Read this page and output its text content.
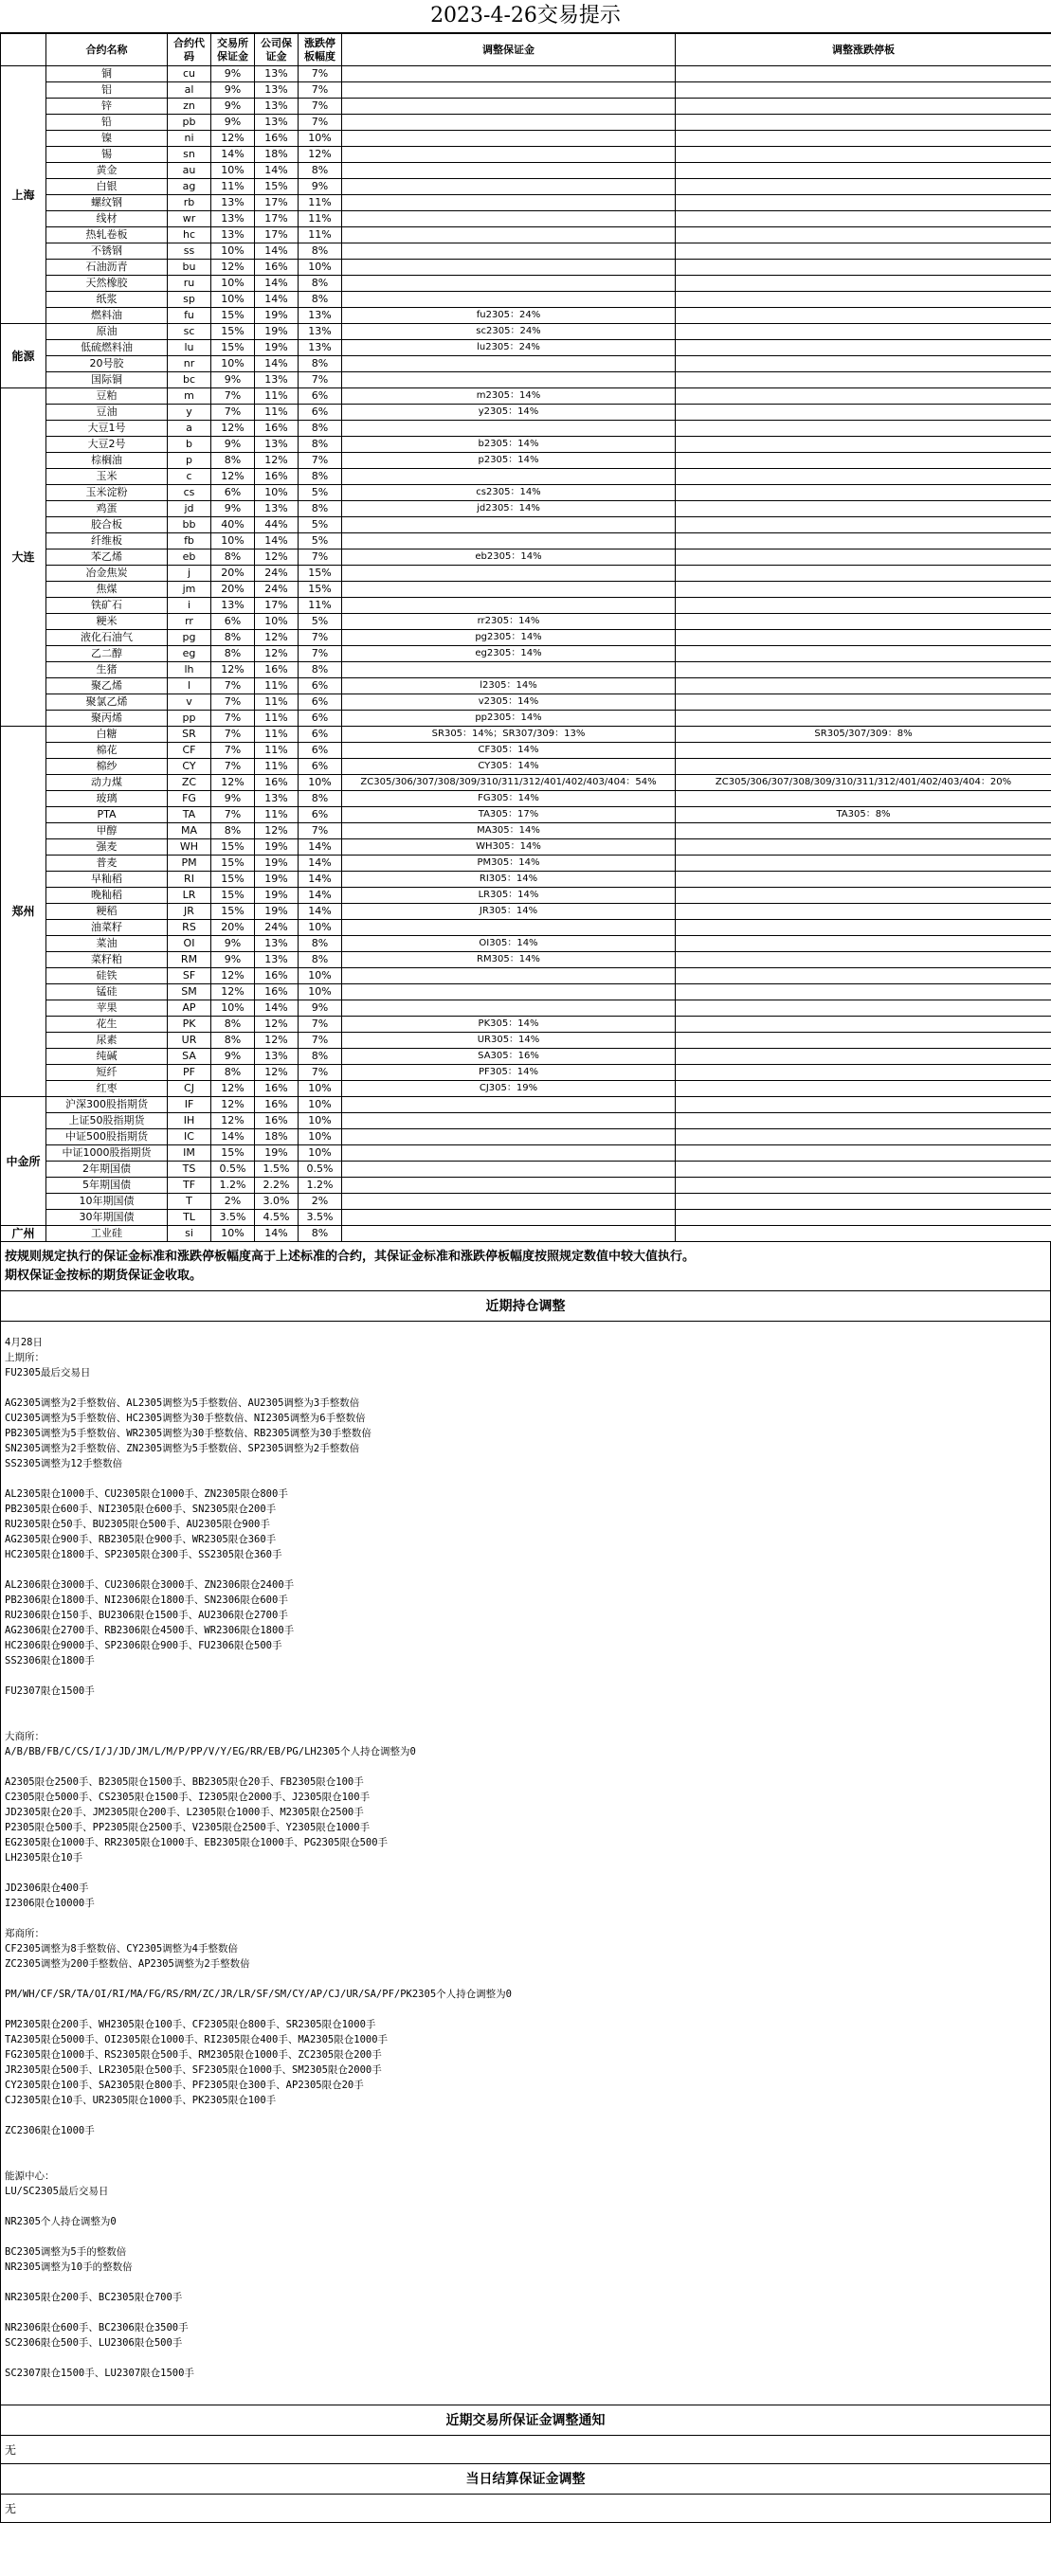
2023-4-26交易提示
	合约名称	合约代码	交易所保证金	公司保证金	涨跌停板幅度	调整保证金	调整涨跌停板
上海	铜	cu	9%	13%	7%		
	铝	al	9%	13%	7%		
	锌	zn	9%	13%	7%		
	铅	pb	9%	13%	7%		
	镍	ni	12%	16%	10%		
	锡	sn	14%	18%	12%		
	黄金	au	10%	14%	8%		
	白银	ag	11%	15%	9%		
	螺纹钢	rb	13%	17%	11%		
	线材	wr	13%	17%	11%		
	热轧卷板	hc	13%	17%	11%		
	不锈钢	ss	10%	14%	8%		
	石油沥青	bu	12%	16%	10%		
	天然橡胶	ru	10%	14%	8%		
	纸浆	sp	10%	14%	8%		
	燃料油	fu	15%	19%	13%	fu2305：24%	
能源	原油	sc	15%	19%	13%	sc2305：24%	
	低硫燃料油	lu	15%	19%	13%	lu2305：24%	
	20号胶	nr	10%	14%	8%		
	国际铜	bc	9%	13%	7%		
大连	豆粕	m	7%	11%	6%	m2305：14%	
	豆油	y	7%	11%	6%	y2305：14%	
	大豆1号	a	12%	16%	8%		
	大豆2号	b	9%	13%	8%	b2305：14%	
	棕榈油	p	8%	12%	7%	p2305：14%	
	玉米	c	12%	16%	8%		
	玉米淀粉	cs	6%	10%	5%	cs2305：14%	
	鸡蛋	jd	9%	13%	8%	jd2305：14%	
	胶合板	bb	40%	44%	5%		
	纤维板	fb	10%	14%	5%		
	苯乙烯	eb	8%	12%	7%	eb2305：14%	
	冶金焦炭	j	20%	24%	15%		
	焦煤	jm	20%	24%	15%		
	铁矿石	i	13%	17%	11%		
	粳米	rr	6%	10%	5%	rr2305：14%	
	液化石油气	pg	8%	12%	7%	pg2305：14%	
	乙二醇	eg	8%	12%	7%	eg2305：14%	
	生猪	lh	12%	16%	8%		
	聚乙烯	l	7%	11%	6%	l2305：14%	
	聚氯乙烯	v	7%	11%	6%	v2305：14%	
	聚丙烯	pp	7%	11%	6%	pp2305：14%	
郑州	白糖	SR	7%	11%	6%	SR305：14%；SR307/309：13%	SR305/307/309：8%
	棉花	CF	7%	11%	6%	CF305：14%	
	棉纱	CY	7%	11%	6%	CY305：14%	
	动力煤	ZC	12%	16%	10%	ZC305/306/307/308/309/310/311/312/401/402/403/404：54%	ZC305/306/307/308/309/310/311/312/401/402/403/404：20%
	玻璃	FG	9%	13%	8%	FG305：14%	
	PTA	TA	7%	11%	6%	TA305：17%	TA305：8%
	甲醇	MA	8%	12%	7%	MA305：14%	
	强麦	WH	15%	19%	14%	WH305：14%	
	普麦	PM	15%	19%	14%	PM305：14%	
	早籼稻	RI	15%	19%	14%	RI305：14%	
	晚籼稻	LR	15%	19%	14%	LR305：14%	
	粳稻	JR	15%	19%	14%	JR305：14%	
	油菜籽	RS	20%	24%	10%		
	菜油	OI	9%	13%	8%	OI305：14%	
	菜籽粕	RM	9%	13%	8%	RM305：14%	
	硅铁	SF	12%	16%	10%		
	锰硅	SM	12%	16%	10%		
	苹果	AP	10%	14%	9%		
	花生	PK	8%	12%	7%	PK305：14%	
	尿素	UR	8%	12%	7%	UR305：14%	
	纯碱	SA	9%	13%	8%	SA305：16%	
	短纤	PF	8%	12%	7%	PF305：14%	
	红枣	CJ	12%	16%	10%	CJ305：19%	
中金所	沪深300股指期货	IF	12%	16%	10%		
	上证50股指期货	IH	12%	16%	10%		
	中证500股指期货	IC	14%	18%	10%		
	中证1000股指期货	IM	15%	19%	10%		
	2年期国债	TS	0.5%	1.5%	0.5%		
	5年期国债	TF	1.2%	2.2%	1.2%		
	10年期国债	T	2%	3.0%	2%		
	30年期国债	TL	3.5%	4.5%	3.5%		
广州	工业硅	si	10%	14%	8%		
按规则规定执行的保证金标准和涨跌停板幅度高于上述标准的合约，其保证金标准和涨跌停板幅度按照规定数值中较大值执行。
期权保证金按标的期货保证金收取。
近期持仓调整
4月28日
上期所：
FU2305最后交易日

AG2305调整为2手整数倍、AL2305调整为5手整数倍、AU2305调整为3手整数倍
CU2305调整为5手整数倍、HC2305调整为30手整数倍、NI2305调整为6手整数倍
PB2305调整为5手整数倍、WR2305调整为30手整数倍、RB2305调整为30手整数倍
SN2305调整为2手整数倍、ZN2305调整为5手整数倍、SP2305调整为2手整数倍
SS2305调整为12手整数倍

AL2305限仓1000手、CU2305限仓1000手、ZN2305限仓800手
PB2305限仓600手、NI2305限仓600手、SN2305限仓200手
RU2305限仓50手、BU2305限仓500手、AU2305限仓900手
AG2305限仓900手、RB2305限仓900手、WR2305限仓360手
HC2305限仓1800手、SP2305限仓300手、SS2305限仓360手

AL2306限仓3000手、CU2306限仓3000手、ZN2306限仓2400手
PB2306限仓1800手、NI2306限仓1800手、SN2306限仓600手
RU2306限仓150手、BU2306限仓1500手、AU2306限仓2700手
AG2306限仓2700手、RB2306限仓4500手、WR2306限仓1800手
HC2306限仓9000手、SP2306限仓900手、FU2306限仓500手
SS2306限仓1800手

FU2307限仓1500手

大商所：
A/B/BB/FB/C/CS/I/J/JD/JM/L/M/P/PP/V/Y/EG/RR/EB/PG/LH2305个人持仓调整为0

A2305限仓2500手、B2305限仓1500手、BB2305限仓20手、FB2305限仓100手
C2305限仓5000手、CS2305限仓1500手、I2305限仓2000手、J2305限仓100手
JD2305限仓20手、JM2305限仓200手、L2305限仓1000手、M2305限仓2500手
P2305限仓500手、PP2305限仓2500手、V2305限仓2500手、Y2305限仓1000手
EG2305限仓1000手、RR2305限仓1000手、EB2305限仓1000手、PG2305限仓500手
LH2305限仓10手

JD2306限仓400手
I2306限仓10000手

郑商所：
CF2305调整为8手整数倍、CY2305调整为4手整数倍
ZC2305调整为200手整数倍、AP2305调整为2手整数倍

PM/WH/CF/SR/TA/OI/RI/MA/FG/RS/RM/ZC/JR/LR/SF/SM/CY/AP/CJ/UR/SA/PF/PK2305个人持仓调整为0

PM2305限仓200手、WH2305限仓100手、CF2305限仓800手、SR2305限仓1000手
TA2305限仓5000手、OI2305限仓1000手、RI2305限仓400手、MA2305限仓1000手
FG2305限仓1000手、RS2305限仓500手、RM2305限仓1000手、ZC2305限仓200手
JR2305限仓500手、LR2305限仓500手、SF2305限仓1000手、SM2305限仓2000手
CY2305限仓100手、SA2305限仓800手、PF2305限仓300手、AP2305限仓20手
CJ2305限仓10手、UR2305限仓1000手、PK2305限仓100手

ZC2306限仓1000手

能源中心：
LU/SC2305最后交易日

NR2305个人持仓调整为0

BC2305调整为5手的整数倍
NR2305调整为10手的整数倍

NR2305限仓200手、BC2305限仓700手

NR2306限仓600手、BC2306限仓3500手
SC2306限仓500手、LU2306限仓500手

SC2307限仓1500手、LU2307限仓1500手
近期交易所保证金调整通知
无
当日结算保证金调整
无
